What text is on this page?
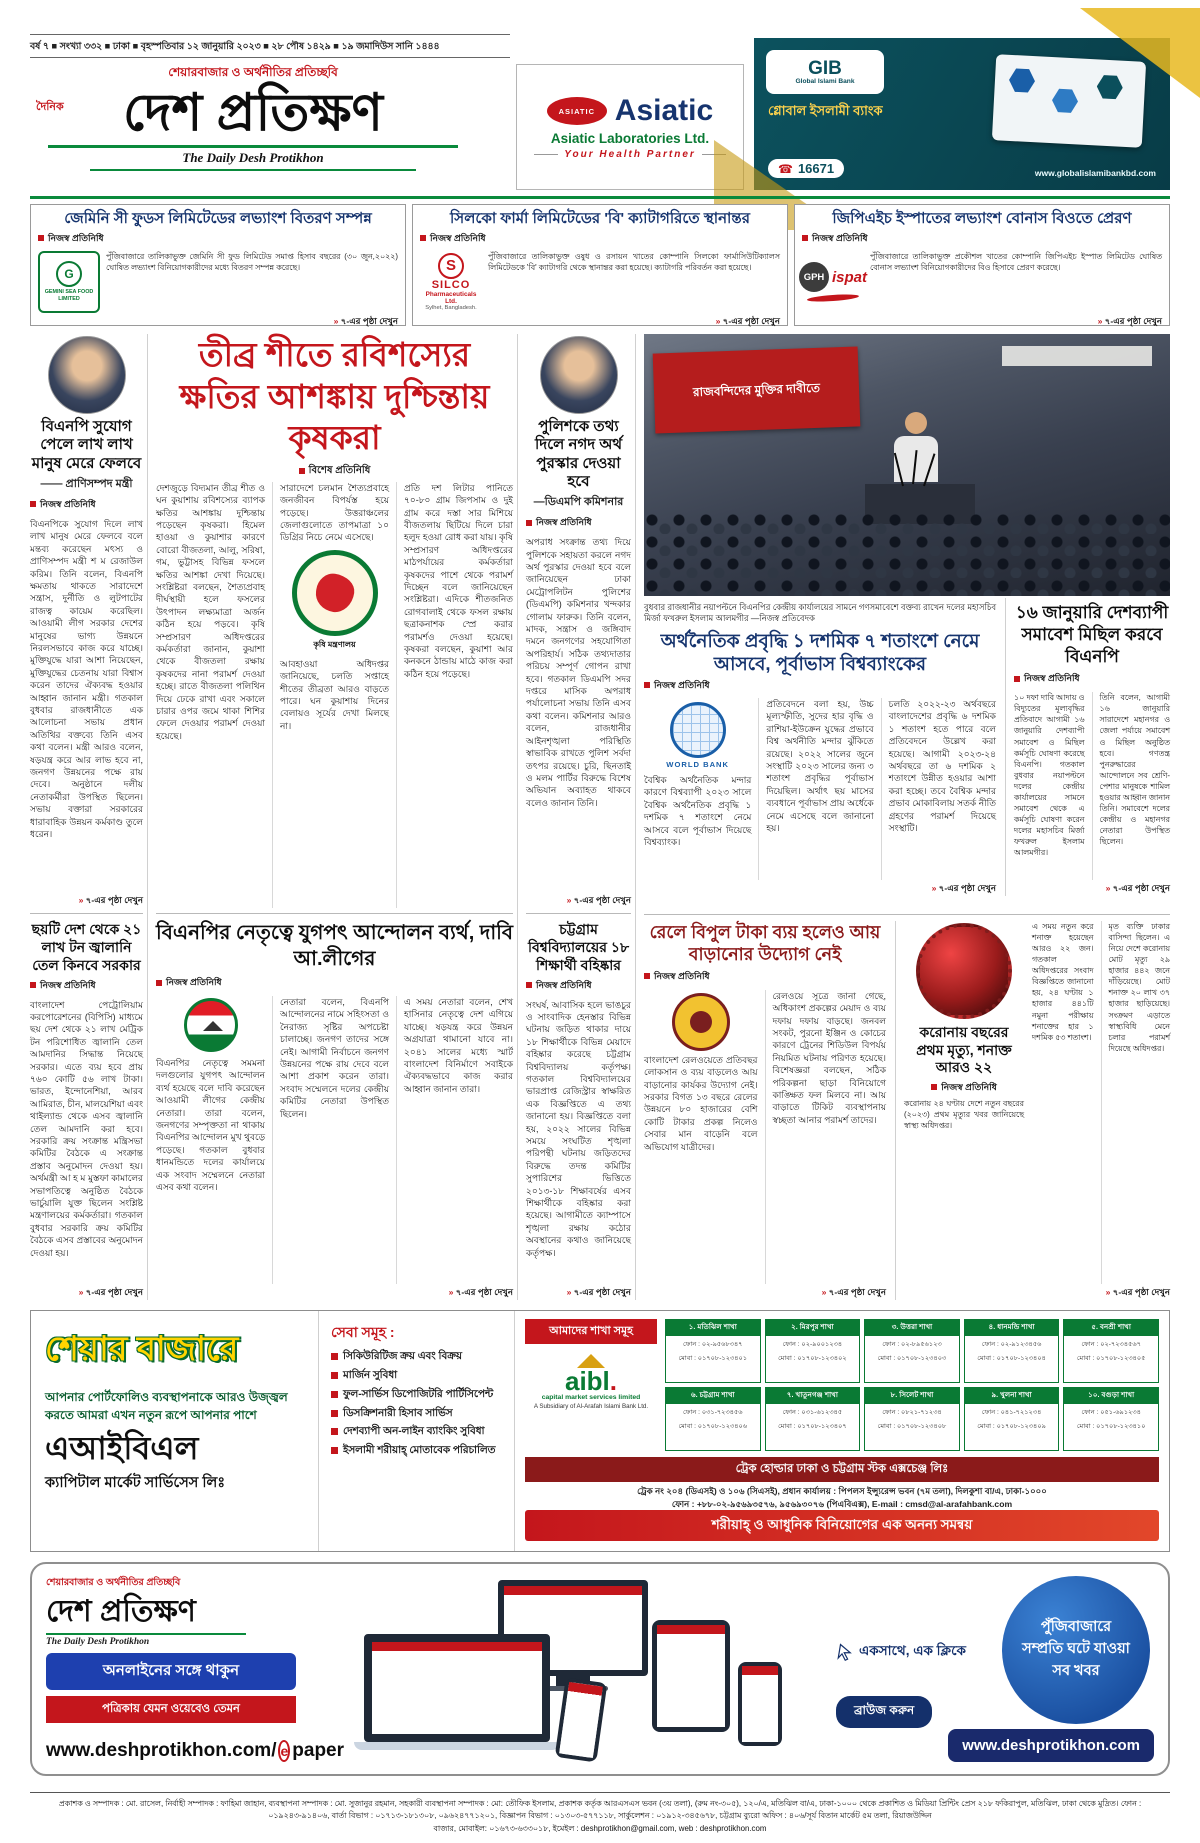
বর্ষ ৭ ■ সংখ্যা ৩৩২ ■ ঢাকা ■ বৃহস্পতিবার ১২ জানুয়ারি ২০২৩ ■ ২৮ পৌষ ১৪২৯ ■ ১৯ জমাদিউস সানি ১৪৪৪
শেয়ারবাজার ও অর্থনীতির প্রতিচ্ছবি
দৈনিক দেশ প্রতিক্ষণ
The Daily Desh Protikhon
ASIATIC Asiatic
Asiatic Laboratories Ltd.
Your Health Partner
GIB
Global Islami Bank
গ্লোবাল ইসলামী ব্যাংক
☎ 16671	www.globalislamibankbd.com
জেমিনি সী ফুডস লিমিটেডের লভ্যাংশ বিতরণ সম্পন্ন
নিজস্ব প্রতিনিধি
G
GEMINI SEA FOOD LIMITED
পুঁজিবাজারে তালিকাভুক্ত জেমিনি সী ফুড লিমিটেড সমাপ্ত হিসাব বছরের (৩০ জুন,২০২২) ঘোষিত লভ্যাংশ বিনিয়োগকারীদের মধ্যে বিতরণ সম্পন্ন করেছে।
» ৭-এর পৃষ্ঠা দেখুন
সিলকো ফার্মা লিমিটেডের 'বি' ক্যাটাগরিতে স্থানান্তর
নিজস্ব প্রতিনিধি
S
SILCO
Pharmaceuticals Ltd.
Sylhet, Bangladesh.
পুঁজিবাজারে তালিকাভুক্ত ওষুধ ও রসায়ন খাতের কোম্পানি সিলকো ফার্মাসিউটিক্যালস লিমিটেডকে 'বি' ক্যাটাগরি থেকে স্থানান্তর করা হয়েছে। ক্যাটাগরি পরিবর্তন করা হয়েছে।
» ৭-এর পৃষ্ঠা দেখুন
জিপিএইচ ইস্পাতের লভ্যাংশ বোনাস বিওতে প্রেরণ
নিজস্ব প্রতিনিধি
GPH ispat
পুঁজিবাজারে তালিকাভুক্ত প্রকৌশল খাতের কোম্পানি জিপিএইচ ইস্পাত লিমিটেড ঘোষিত বোনাস লভ্যাংশ বিনিয়োগকারীদের বিও হিসাবে প্রেরণ করেছে।
» ৭-এর পৃষ্ঠা দেখুন
বিএনপি সুযোগ পেলে লাখ লাখ মানুষ মেরে ফেলবে
—— প্রাণিসম্পদ মন্ত্রী
নিজস্ব প্রতিনিধি
বিএনপিকে সুযোগ দিলে লাখ লাখ মানুষ মেরে ফেলবে বলে মন্তব্য করেছেন মৎস্য ও প্রাণিসম্পদ মন্ত্রী শ ম র‌েজাউল করিম। তিনি বলেন, বিএনপি ক্ষমতায় থাকতে সারাদেশে সন্ত্রাস, দুর্নীতি ও লুটপাটের রাজত্ব কায়েম করেছিল। আওয়ামী লীগ সরকার দেশের মানুষের ভাগ্য উন্নয়নে নিরলসভাবে কাজ করে যাচ্ছে। মুক্তিযুদ্ধে যারা আশা নিয়েছেন, মুক্তিযুদ্ধের চেতনায় যারা বিশ্বাস করেন তাদের ঐক্যবদ্ধ হওয়ার আহ্বান জানান মন্ত্রী। গতকাল বুধবার রাজধানীতে এক আলোচনা সভায় প্রধান অতিথির বক্তব্যে তিনি এসব কথা বলেন। মন্ত্রী আরও বলেন, ষড়যন্ত্র করে আর লাভ হবে না, জনগণ উন্নয়নের পক্ষে রায় দেবে। অনুষ্ঠানে দলীয় নেতাকর্মীরা উপস্থিত ছিলেন। সভায় বক্তারা সরকারের ধারাবাহিক উন্নয়ন কর্মকাণ্ড তুলে ধরেন।
» ৭-এর পৃষ্ঠা দেখুন
ছয়টি দেশ থেকে ২১ লাখ টন জ্বালানি তেল কিনবে সরকার
নিজস্ব প্রতিনিধি
বাংলাদেশ পেট্রোলিয়াম করপোরেশনের (বিপিসি) মাধ্যমে ছয় দেশ থেকে ২১ লাখ মেট্রিক টন পরিশোধিত জ্বালানি তেল আমদানির সিদ্ধান্ত নিয়েছে সরকার। এতে ব্যয় হবে প্রায় ৭৬০ কোটি ৫৬ লাখ টাকা। ভারত, ইন্দোনেশিয়া, আরব আমিরাত, চীন, মালয়েশিয়া এবং থাইল্যান্ড থেকে এসব জ্বালানি তেল আমদানি করা হবে। সরকারি ক্রয় সংক্রান্ত মন্ত্রিসভা কমিটির বৈঠকে এ সংক্রান্ত প্রস্তাব অনুমোদন দেওয়া হয়। অর্থমন্ত্রী আ হ ম মুস্তফা কামালের সভাপতিত্বে অনুষ্ঠিত বৈঠকে ভার্চুয়ালি যুক্ত ছিলেন সংশ্লিষ্ট মন্ত্রণালয়ের কর্মকর্তারা। গতকাল বুধবার সরকারি ক্রয় কমিটির বৈঠকে এসব প্রস্তাবের অনুমোদন দেওয়া হয়।
» ৭-এর পৃষ্ঠা দেখুন
তীব্র শীতে রবিশস্যের ক্ষতির আশঙ্কায় দুশ্চিন্তায় কৃষকরা
বিশেষ প্রতিনিধি
দেশজুড়ে বিদ্যমান তীব্র শীত ও ঘন কুয়াশায় রবিশস্যের ব্যাপক ক্ষতির আশঙ্কায় দুশ্চিন্তায় পড়েছেন কৃষকরা। হিমেল হাওয়া ও কুয়াশার কারণে বোরো বীজতলা, আলু, সরিষা, গম, ভুট্টাসহ বিভিন্ন ফসলে ক্ষতির আশঙ্কা দেখা দিয়েছে। সংশ্লিষ্টরা বলছেন, শৈত্যপ্রবাহ দীর্ঘস্থায়ী হলে ফসলের উৎপাদন লক্ষ্যমাত্রা অর্জন কঠিন হয়ে পড়বে। কৃষি সম্প্রসারণ অধিদপ্তরের কর্মকর্তারা জানান, কুয়াশা থেকে বীজতলা রক্ষায় কৃষকদের নানা পরামর্শ দেওয়া হচ্ছে। রাতে বীজতলা পলিথিন দিয়ে ঢেকে রাখা এবং সকালে চারার ওপর জমে থাকা শিশির ফেলে দেওয়ার পরামর্শ দেওয়া হয়েছে।
সারাদেশে চলমান শৈত্যপ্রবাহে জনজীবন বিপর্যস্ত হয়ে পড়েছে। উত্তরাঞ্চলের জেলাগুলোতে তাপমাত্রা ১০ ডিগ্রির নিচে নেমে এসেছে।
কৃষি মন্ত্রণালয়
আবহাওয়া অধিদপ্তর জানিয়েছে, চলতি সপ্তাহে শীতের তীব্রতা আরও বাড়তে পারে। ঘন কুয়াশায় দিনের বেলায়ও সূর্যের দেখা মিলছে না।
প্রতি দশ লিটার পানিতে ৭০-৮০ গ্রাম জিপসাম ও দুই গ্রাম করে দস্তা সার মিশিয়ে বীজতলায় ছিটিয়ে দিলে চারা হলুদ হওয়া রোধ করা যায়। কৃষি সম্প্রসারণ অধিদপ্তরের মাঠপর্যায়ের কর্মকর্তারা কৃষকদের পাশে থেকে পরামর্শ দিচ্ছেন বলে জানিয়েছেন সংশ্লিষ্টরা। এদিকে শীতজনিত রোগবালাই থেকে ফসল রক্ষায় ছত্রাকনাশক স্প্রে করার পরামর্শও দেওয়া হয়েছে। কৃষকরা বলছেন, কুয়াশা আর কনকনে ঠান্ডায় মাঠে কাজ করা কঠিন হয়ে পড়েছে।
বিএনপির নেতৃত্বে যুগপৎ আন্দোলন ব্যর্থ, দাবি আ.লীগের
নিজস্ব প্রতিনিধি
বিএনপির নেতৃত্বে সমমনা দলগুলোর যুগপৎ আন্দোলন ব্যর্থ হয়েছে বলে দাবি করেছেন আওয়ামী লীগের কেন্দ্রীয় নেতারা। তারা বলেন, জনগণের সম্পৃক্ততা না থাকায় বিএনপির আন্দোলন মুখ থুবড়ে পড়েছে। গতকাল বুধবার ধানমন্ডিতে দলের কার্যালয়ে এক সংবাদ সম্মেলনে নেতারা এসব কথা বলেন।
নেতারা বলেন, বিএনপি আন্দোলনের নামে সহিংসতা ও নৈরাজ্য সৃষ্টির অপচেষ্টা চালাচ্ছে। জনগণ তাদের সঙ্গে নেই। আগামী নির্বাচনে জনগণ উন্নয়নের পক্ষে রায় দেবে বলে আশা প্রকাশ করেন তারা। সংবাদ সম্মেলনে দলের কেন্দ্রীয় কমিটির নেতারা উপস্থিত ছিলেন।
এ সময় নেতারা বলেন, শেখ হাসিনার নেতৃত্বে দেশ এগিয়ে যাচ্ছে। ষড়যন্ত্র করে উন্নয়ন অগ্রযাত্রা থামানো যাবে না। ২০৪১ সালের মধ্যে স্মার্ট বাংলাদেশ বিনির্মাণে সবাইকে ঐক্যবদ্ধভাবে কাজ করার আহ্বান জানান তারা।
» ৭-এর পৃষ্ঠা দেখুন
পুলিশকে তথ্য দিলে নগদ অর্থ পুরস্কার দেওয়া হবে
—ডিএমপি কমিশনার
নিজস্ব প্রতিনিধি
অপরাধ সংক্রান্ত তথ্য দিয়ে পুলিশকে সহায়তা করলে নগদ অর্থ পুরস্কার দেওয়া হবে বলে জানিয়েছেন ঢাকা মেট্রোপলিটন পুলিশের (ডিএমপি) কমিশনার খন্দকার গোলাম ফারুক। তিনি বলেন, মাদক, সন্ত্রাস ও জঙ্গিবাদ দমনে জনগণের সহযোগিতা অপরিহার্য। সঠিক তথ্যদাতার পরিচয় সম্পূর্ণ গোপন রাখা হবে। গতকাল ডিএমপি সদর দপ্তরে মাসিক অপরাধ পর্যালোচনা সভায় তিনি এসব কথা বলেন। কমিশনার আরও বলেন, রাজধানীর আইনশৃঙ্খলা পরিস্থিতি স্বাভাবিক রাখতে পুলিশ সর্বদা তৎপর রয়েছে। চুরি, ছিনতাই ও মলম পার্টির বিরুদ্ধে বিশেষ অভিযান অব্যাহত থাকবে বলেও জানান তিনি।
» ৭-এর পৃষ্ঠা দেখুন
চট্টগ্রাম বিশ্ববিদ্যালয়ের ১৮ শিক্ষার্থী বহিষ্কার
নিজস্ব প্রতিনিধি
সংঘর্ষ, আবাসিক হলে ভাঙচুর ও সাংবাদিক হেনস্তার বিভিন্ন ঘটনায় জড়িত থাকার দায়ে ১৮ শিক্ষার্থীকে বিভিন্ন মেয়াদে বহিষ্কার করেছে চট্টগ্রাম বিশ্ববিদ্যালয় কর্তৃপক্ষ। গতকাল বিশ্ববিদ্যালয়ের ভারপ্রাপ্ত রেজিস্ট্রার স্বাক্ষরিত এক বিজ্ঞপ্তিতে এ তথ্য জানানো হয়। বিজ্ঞপ্তিতে বলা হয়, ২০২২ সালের বিভিন্ন সময়ে সংঘটিত শৃঙ্খলা পরিপন্থী ঘটনায় জড়িতদের বিরুদ্ধে তদন্ত কমিটির সুপারিশের ভিত্তিতে ২০১৩-১৮ শিক্ষাবর্ষের এসব শিক্ষার্থীকে বহিষ্কার করা হয়েছে। আগামীতে ক্যাম্পাসে শৃঙ্খলা রক্ষায় কঠোর অবস্থানের কথাও জানিয়েছে কর্তৃপক্ষ।
» ৭-এর পৃষ্ঠা দেখুন
রাজবন্দিদের মুক্তির দাবীতে
বুধবার রাজধানীর নয়াপল্টনে বিএনপির কেন্দ্রীয় কার্যালয়ের সামনে গণসমাবেশে বক্তব্য রাখেন দলের মহাসচিব মির্জা ফখরুল ইসলাম আলমগীর —নিজস্ব প্রতিবেদক
অর্থনৈতিক প্রবৃদ্ধি ১ দশমিক ৭ শতাংশে নেমে আসবে, পূর্বাভাস বিশ্বব্যাংকের
নিজস্ব প্রতিনিধি
WORLD BANK
বৈশ্বিক অর্থনৈতিক মন্দার কারণে বিশ্বব্যাপী ২০২৩ সালে বৈশ্বিক অর্থনৈতিক প্রবৃদ্ধি ১ দশমিক ৭ শতাংশে নেমে আসবে বলে পূর্বাভাস দিয়েছে বিশ্বব্যাংক।
প্রতিবেদনে বলা হয়, উচ্চ মূল্যস্ফীতি, সুদের হার বৃদ্ধি ও রাশিয়া-ইউক্রেন যুদ্ধের প্রভাবে বিশ্ব অর্থনীতি মন্দার ঝুঁকিতে রয়েছে। ২০২২ সালের জুনে সংস্থাটি ২০২৩ সালের জন্য ৩ শতাংশ প্রবৃদ্ধির পূর্বাভাস দিয়েছিল। অর্থাৎ ছয় মাসের ব্যবধানে পূর্বাভাস প্রায় অর্ধেকে নেমে এসেছে বলে জানানো হয়।
চলতি ২০২২-২৩ অর্থবছরে বাংলাদেশের প্রবৃদ্ধি ৬ দশমিক ১ শতাংশ হতে পারে বলে প্রতিবেদনে উল্লেখ করা হয়েছে। আগামী ২০২৩-২৪ অর্থবছরে তা ৬ দশমিক ২ শতাংশে উন্নীত হওয়ার আশা করা হচ্ছে। তবে বৈশ্বিক মন্দার প্রভাব মোকাবিলায় সতর্ক নীতি গ্রহণের পরামর্শ দিয়েছে সংস্থাটি।
» ৭-এর পৃষ্ঠা দেখুন
১৬ জানুয়ারি দেশব্যাপী সমাবেশ মিছিল করবে বিএনপি
নিজস্ব প্রতিনিধি
১০ দফা দাবি আদায় ও বিদ্যুতের মূল্যবৃদ্ধির প্রতিবাদে আগামী ১৬ জানুয়ারি দেশব্যাপী সমাবেশ ও মিছিল কর্মসূচি ঘোষণা করেছে বিএনপি। গতকাল বুধবার নয়াপল্টনে দলের কেন্দ্রীয় কার্যালয়ের সামনে সমাবেশ থেকে এ কর্মসূচি ঘোষণা করেন দলের মহাসচিব মির্জা ফখরুল ইসলাম আলমগীর।
তিনি বলেন, আগামী ১৬ জানুয়ারি সারাদেশে মহানগর ও জেলা পর্যায়ে সমাবেশ ও মিছিল অনুষ্ঠিত হবে। গণতন্ত্র পুনরুদ্ধারের আন্দোলনে সব শ্রেণি-পেশার মানুষকে শামিল হওয়ার আহ্বান জানান তিনি। সমাবেশে দলের কেন্দ্রীয় ও মহানগর নেতারা উপস্থিত ছিলেন।
» ৭-এর পৃষ্ঠা দেখুন
রেলে বিপুল টাকা ব্যয় হলেও আয় বাড়ানোর উদ্যোগ নেই
নিজস্ব প্রতিনিধি
বাংলাদেশ রেলওয়েতে প্রতিবছর লোকসান ও ব্যয় বাড়লেও আয় বাড়ানোর কার্যকর উদ্যোগ নেই। সরকার বিগত ১৩ বছরে রেলের উন্নয়নে ৮০ হাজারের বেশি কোটি টাকার প্রকল্প নিলেও সেবার মান বাড়েনি বলে অভিযোগ যাত্রীদের।
রেলওয়ে সূত্রে জানা গেছে, অধিকাংশ প্রকল্পের মেয়াদ ও ব্যয় দফায় দফায় বাড়ছে। জনবল সংকট, পুরনো ইঞ্জিন ও কোচের কারণে ট্রেনের শিডিউল বিপর্যয় নিয়মিত ঘটনায় পরিণত হয়েছে। বিশেষজ্ঞরা বলছেন, সঠিক পরিকল্পনা ছাড়া বিনিয়োগে কাঙ্ক্ষিত ফল মিলবে না। আয় বাড়াতে টিকিট ব্যবস্থাপনায় স্বচ্ছতা আনার পরামর্শ তাদের।
» ৭-এর পৃষ্ঠা দেখুন
করোনায় বছরের প্রথম মৃত্যু, শনাক্ত আরও ২২
নিজস্ব প্রতিনিধি
করোনায় ২৪ ঘণ্টায় দেশে নতুন বছরের (২০২৩) প্রথম মৃত্যুর খবর জানিয়েছে স্বাস্থ্য অধিদপ্তর।
এ সময় নতুন করে শনাক্ত হয়েছেন আরও ২২ জন। গতকাল অধিদপ্তরের সংবাদ বিজ্ঞপ্তিতে জানানো হয়, ২৪ ঘণ্টায় ১ হাজার ৪৪১টি নমুনা পরীক্ষায় শনাক্তের হার ১ দশমিক ৫৩ শতাংশ।
মৃত ব্যক্তি ঢাকার বাসিন্দা ছিলেন। এ নিয়ে দেশে করোনায় মোট মৃত্যু ২৯ হাজার ৪৪২ জনে দাঁড়িয়েছে। মোট শনাক্ত ২০ লাখ ৩৭ হাজার ছাড়িয়েছে। সংক্রমণ এড়াতে স্বাস্থ্যবিধি মেনে চলার পরামর্শ দিয়েছে অধিদপ্তর।
» ৭-এর পৃষ্ঠা দেখুন
শেয়ার বাজারে
আপনার পোর্টফোলিও ব্যবস্থাপনাকে আরও উজ্জ্বল করতে আমরা এখন নতুন রূপে আপনার পাশে
এআইবিএল
ক্যাপিটাল মার্কেট সার্ভিসেস লিঃ
সেবা সমূহ :
সিকিউরিটিজ ক্রয় এবং বিক্রয়
মার্জিন সুবিধা
ফুল-সার্ভিস ডিপোজিটরি পার্টিসিপেন্ট
ডিসক্রিশনারী হিসাব সার্ভিস
দেশব্যাপী অন-লাইন ব্যাংকিং সুবিধা
ইসলামী শরীয়াহ্ মোতাবেক পরিচালিত
আমাদের শাখা সমূহ
aibl.
capital market services limited
A Subsidiary of Al-Arafah Islami Bank Ltd.
১. মতিঝিল শাখা
ফোন : ০২-৯৫৬৮৩৪৭
মোবা : ০১৭০৮-১২৩৪০১
২. মিরপুর শাখা
ফোন : ০২-৯০০১২৩৪
মোবা : ০১৭০৮-১২৩৪০২
৩. উত্তরা শাখা
ফোন : ০২-৮৯৫৬১২৩
মোবা : ০১৭০৮-১২৩৪০৩
৪. ধানমন্ডি শাখা
ফোন : ০২-৯১২৩৪৫৬
মোবা : ০১৭০৮-১২৩৪০৪
৫. বনশ্রী শাখা
ফোন : ০২-৭২৩৪৫৬৭
মোবা : ০১৭০৮-১২৩৪০৫
৬. চট্টগ্রাম শাখা
ফোন : ০৩১-৭২৩৪৫৬
মোবা : ০১৭০৮-১২৩৪০৬
৭. খাতুনগঞ্জ শাখা
ফোন : ০৩১-৬১২৩৪৫
মোবা : ০১৭০৮-১২৩৪০৭
৮. সিলেট শাখা
ফোন : ০৮২১-৭১২৩৪
মোবা : ০১৭০৮-১২৩৪০৮
৯. খুলনা শাখা
ফোন : ০৪১-৭২১২৩৪
মোবা : ০১৭০৮-১২৩৪০৯
১০. বগুড়া শাখা
ফোন : ০৫১-৬৯১২৩৪
মোবা : ০১৭০৮-১২৩৪১০
ট্রেক হোল্ডার ঢাকা ও চট্টগ্রাম স্টক এক্সচেঞ্জ লিঃ
ট্রেক নং ২০৪ (ডিএসই) ও ১০৬ (সিএসই), প্রধান কার্যালয় : পিপলস ইন্স্যুরেন্স ভবন (৭ম তলা), দিলকুশা বা/এ, ঢাকা-১০০০
ফোন : +৮৮-০২-৯৫৬৯৩৫৭৬, ৯৫৬৯৩০৭৬ (পিএবিএক্স), E-mail : cmsd@al-arafahbank.com
শরীয়াহ্ ও আধুনিক বিনিয়োগের এক অনন্য সমন্বয়
শেয়ারবাজার ও অর্থনীতির প্রতিচ্ছবি
দেশ প্রতিক্ষণ
The Daily Desh Protikhon
অনলাইনের সঙ্গে থাকুন
পত্রিকায় যেমন ওয়েবেও তেমন
www.deshprotikhon.com/ e paper
পুঁজিবাজারে সম্প্রতি ঘটে যাওয়া সব খবর
একসাথে, এক ক্লিকে
ব্রাউজ করুন
www.deshprotikhon.com
প্রকাশক ও সম্পাদক : মো. রাসেল, নির্বাহী সম্পাদক : ফাহিমা জাহান, ব্যবস্থাপনা সম্পাদক : মো. সুজানুর রহমান, সহকারী ব্যবস্থাপনা সম্পাদক : মো: তৌফিক ইসলাম, প্রকাশক কর্তৃক আরএসএস ভবন (৩য় তলা), (রুম নং-৩০৫), ১২০/এ, মতিঝিল বা/এ, ঢাকা-১০০০ থেকে প্রকাশিত ও মিডিয়া প্রিন্টিং প্রেস ২১৮ ফকিরাপুল, মতিঝিল, ঢাকা থেকে মুদ্রিত। ফোন : ০১৯২৪৩-৯১৪০৬, বার্তা বিভাগ : ০১৭১৩-১৮১৩০৮, ০৯৬২৪৭৭১২০১, বিজ্ঞাপন বিভাগ : ০১৩০৩-৫৭৭১১৮, সার্কুলেশন : ০১৯১২-৩৪৫৬৭৮, চট্টগ্রাম ব্যুরো অফিস : ৪০৬/সূর্য বিতান মার্কেট ৫ম তলা, রিয়াজউদ্দিন
বাজার, মোবাইল: ০১৬৭৩-৬৩৩০১৮, ইমেইল : deshprotikhon@gmail.com, web : deshprotikhon.com
